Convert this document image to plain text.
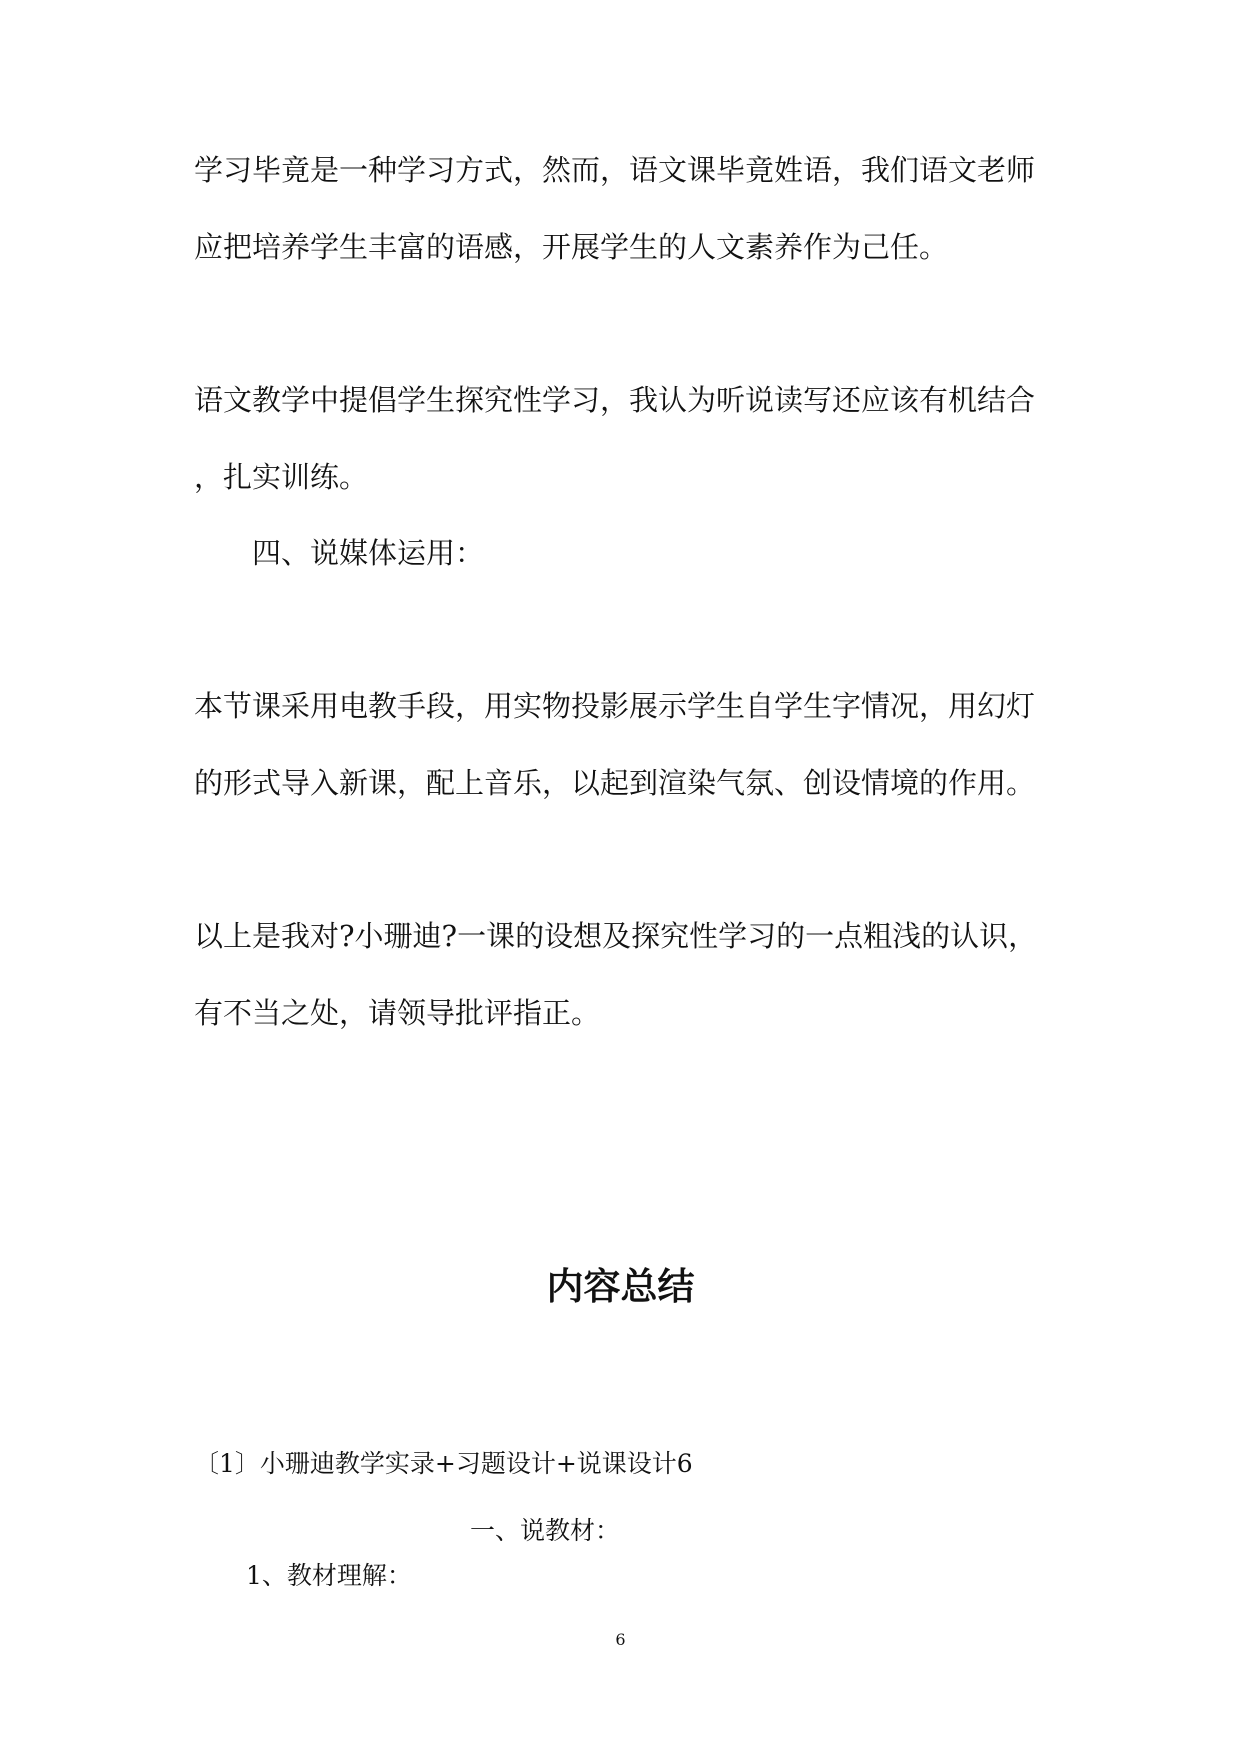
学习毕竟是一种学习方式，然而，语文课毕竟姓语，我们语文老师
应把培养学生丰富的语感，开展学生的人文素养作为己任。
语文教学中提倡学生探究性学习，我认为听说读写还应该有机结合
，扎实训练。
四、说媒体运用：
本节课采用电教手段，用实物投影展示学生自学生字情况，用幻灯
的形式导入新课，配上音乐，以起到渲染气氛、创设情境的作用。
以上是我对?小珊迪?一课的设想及探究性学习的一点粗浅的认识，
有不当之处，请领导批评指正。
内容总结
〔1〕小珊迪教学实录+习题设计+说课设计6
一、说教材：
1、教材理解：
6
